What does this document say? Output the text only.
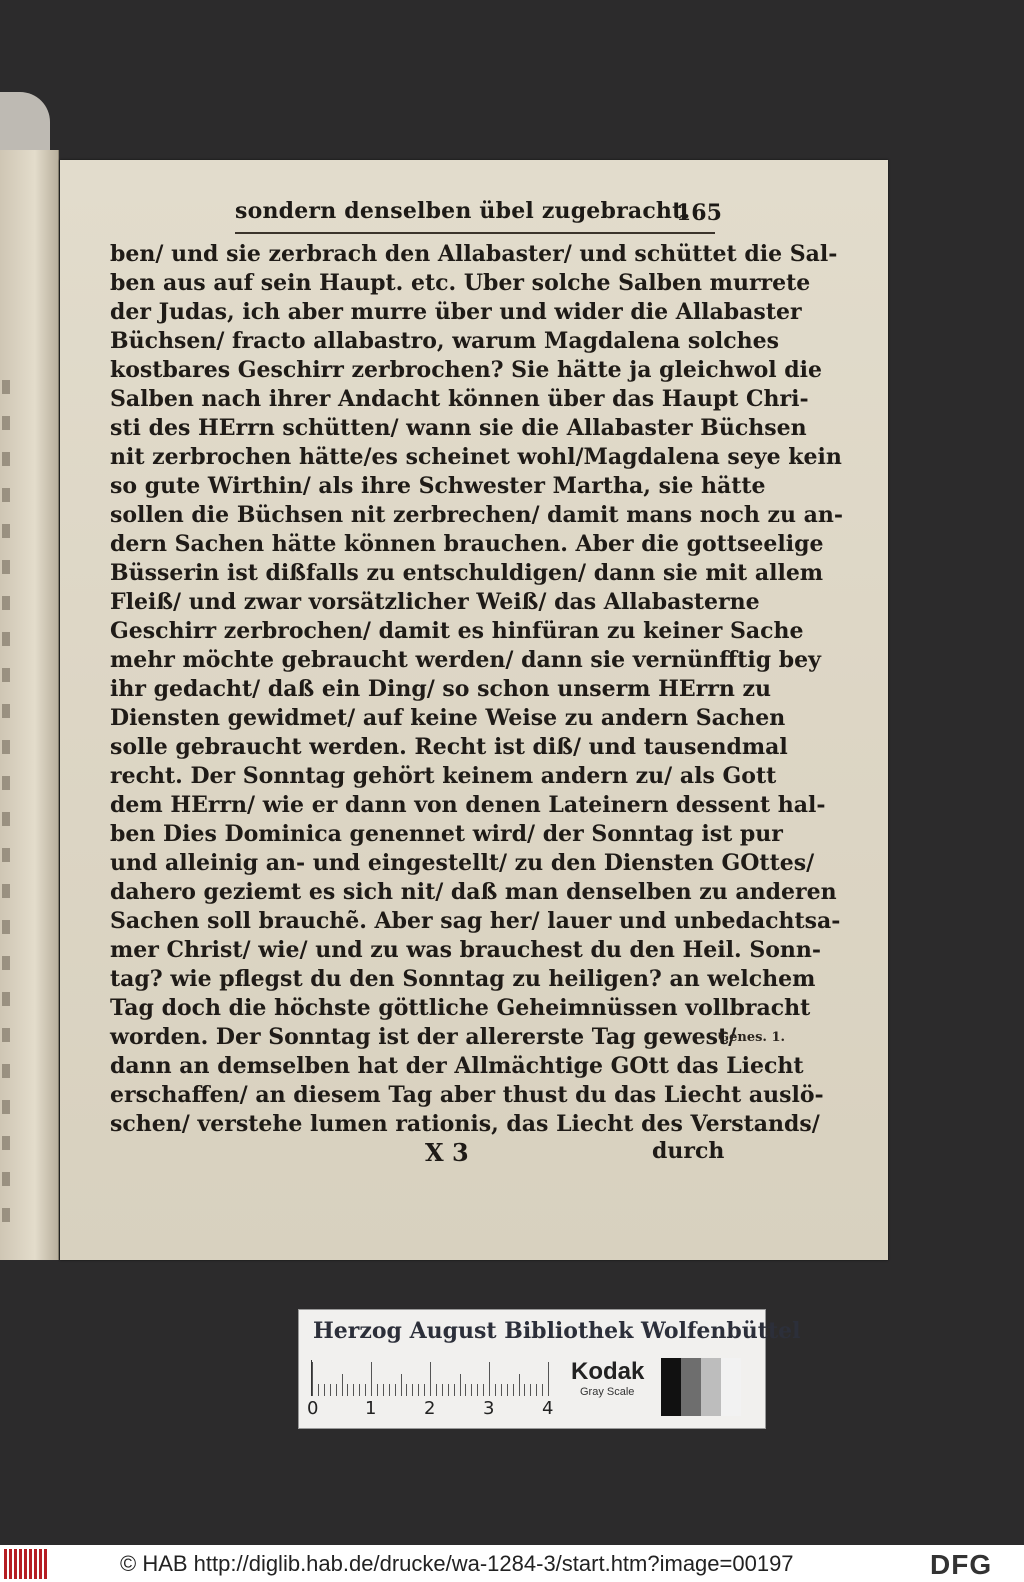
sondern denselben übel zugebracht.
165
ben/ und sie zerbrach den Allabaster/ und schüttet die Sal-
ben aus auf sein Haupt. etc. Uber solche Salben murrete
der Judas, ich aber murre über und wider die Allabaster
Büchsen/ fracto allabastro, warum Magdalena solches
kostbares Geschirr zerbrochen? Sie hätte ja gleichwol die
Salben nach ihrer Andacht können über das Haupt Chri-
sti des HErrn schütten/ wann sie die Allabaster Büchsen
nit zerbrochen hätte/es scheinet wohl/Magdalena seye kein
so gute Wirthin/ als ihre Schwester Martha, sie hätte
sollen die Büchsen nit zerbrechen/ damit mans noch zu an-
dern Sachen hätte können brauchen. Aber die gottseelige
Büsserin ist dißfalls zu entschuldigen/ dann sie mit allem
Fleiß/ und zwar vorsätzlicher Weiß/ das Allabasterne
Geschirr zerbrochen/ damit es hinfüran zu keiner Sache
mehr möchte gebraucht werden/ dann sie vernünfftig bey
ihr gedacht/ daß ein Ding/ so schon unserm HErrn zu
Diensten gewidmet/ auf keine Weise zu andern Sachen
solle gebraucht werden. Recht ist diß/ und tausendmal
recht. Der Sonntag gehört keinem andern zu/ als Gott
dem HErrn/ wie er dann von denen Lateinern dessent hal-
ben Dies Dominica genennet wird/ der Sonntag ist pur
und alleinig an- und eingestellt/ zu den Diensten GOttes/
dahero geziemt es sich nit/ daß man denselben zu anderen
Sachen soll brauchẽ. Aber sag her/ lauer und unbedachtsa-
mer Christ/ wie/ und zu was brauchest du den Heil. Sonn-
tag? wie pflegst du den Sonntag zu heiligen? an welchem
Tag doch die höchste göttliche Geheimnüssen vollbracht
worden. Der Sonntag ist der allererste Tag gewest/
dann an demselben hat der Allmächtige GOtt das Liecht
erschaffen/ an diesem Tag aber thust du das Liecht auslö-
schen/ verstehe lumen rationis, das Liecht des Verstands/
Genes. 1.
X 3	durch
Herzog August Bibliothek Wolfenbüttel
0	1	2	3	4
Kodak
Gray Scale
© HAB http://diglib.hab.de/drucke/wa-1284-3/start.htm?image=00197	DFG
